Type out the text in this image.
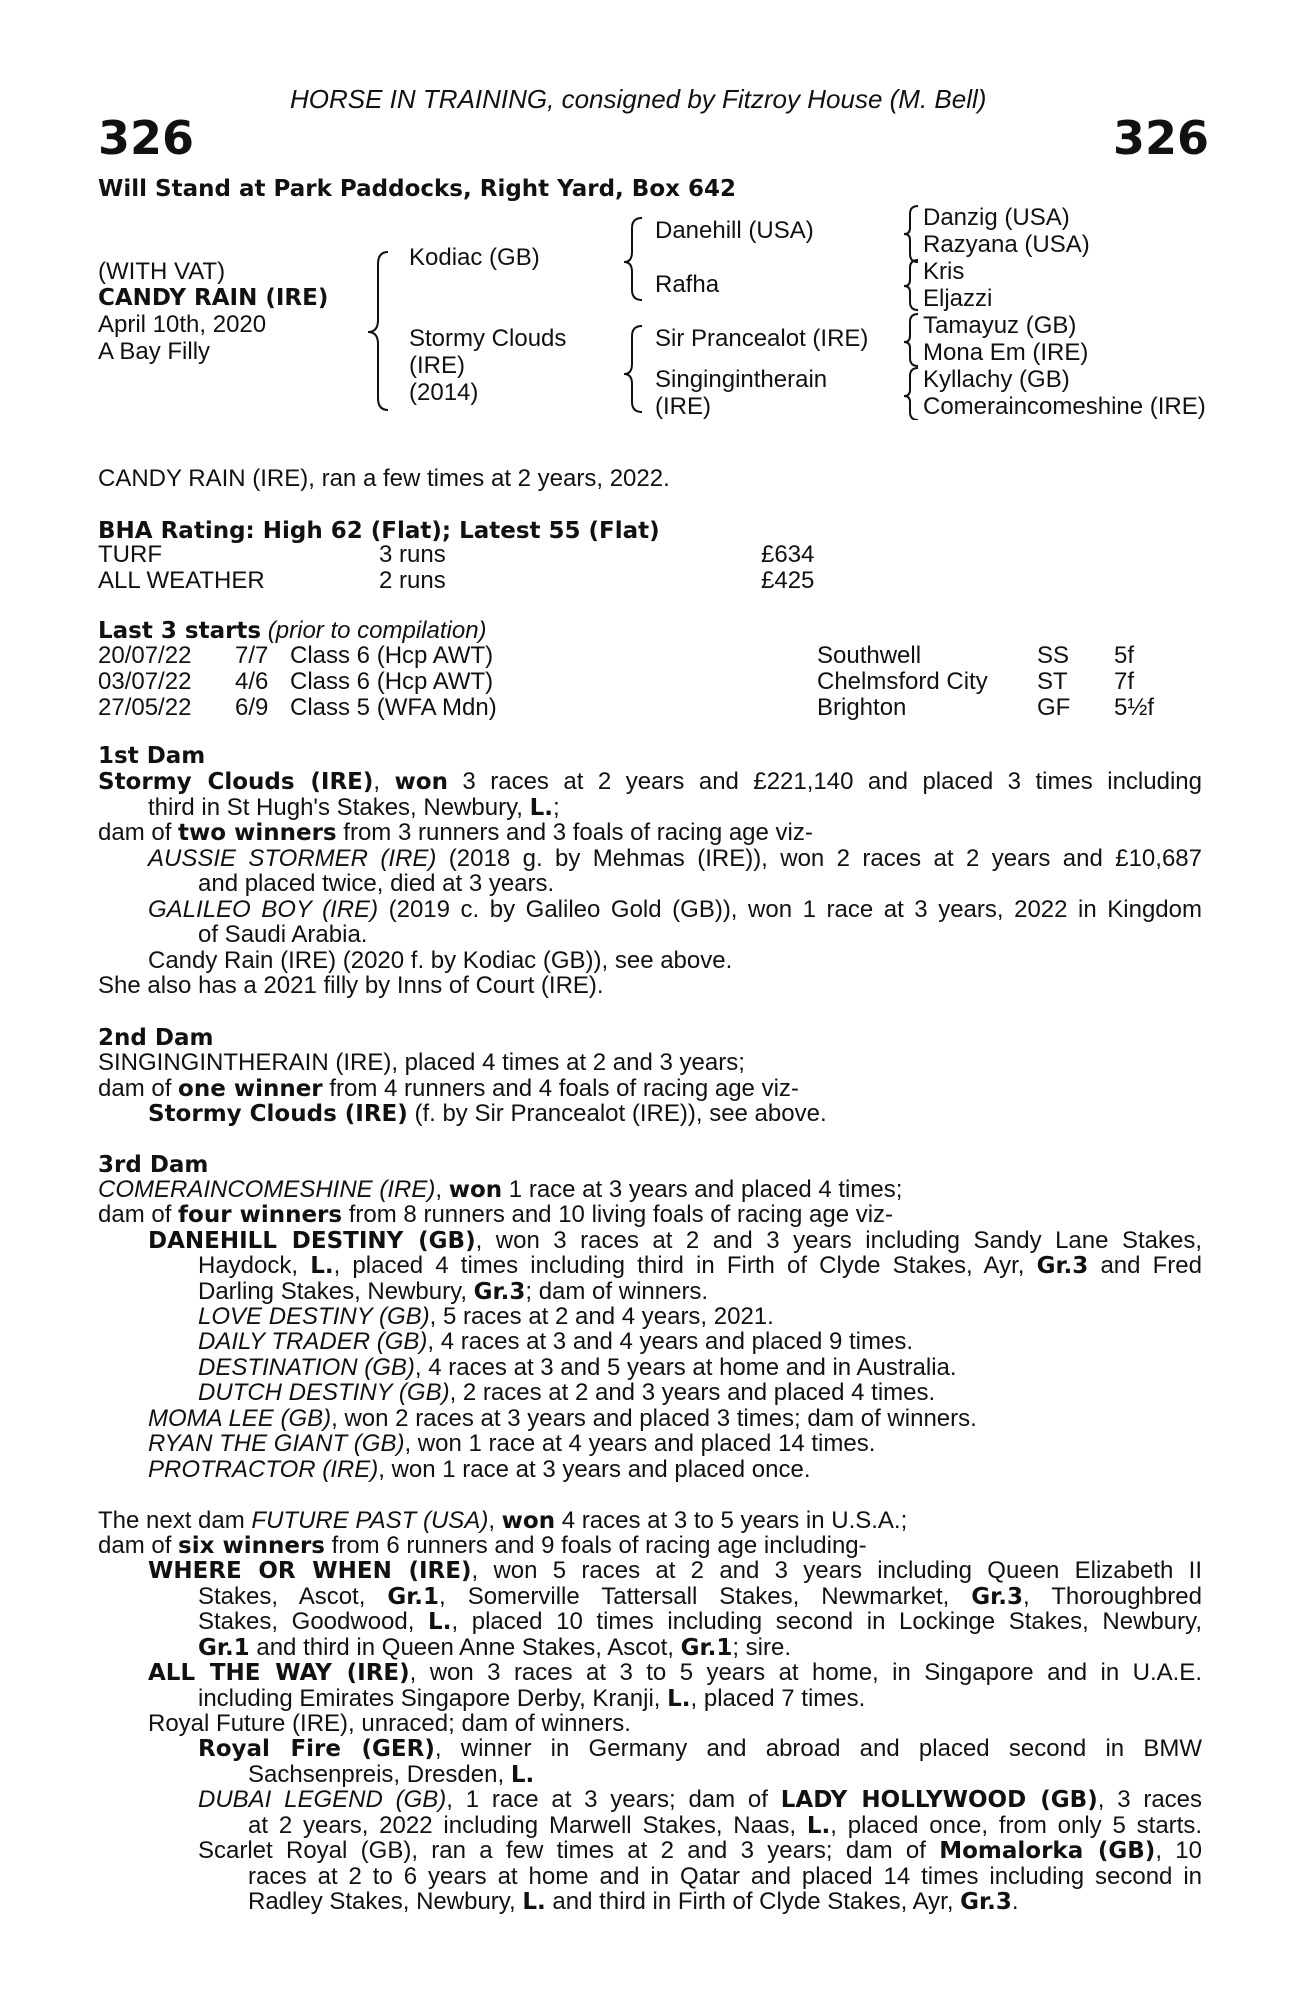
HORSE IN TRAINING, consigned by Fitzroy House (M. Bell)
326	326
Will Stand at Park Paddocks, Right Yard, Box 642
(WITH VAT)
CANDY RAIN (IRE)
April 10th, 2020
A Bay Filly
Kodiac (GB)
Stormy Clouds
(IRE)
(2014)
Danehill (USA)
Rafha
Sir Prancealot (IRE)
Singingintherain
(IRE)
Danzig (USA)
Razyana (USA)
Kris
Eljazzi
Tamayuz (GB)
Mona Em (IRE)
Kyllachy (GB)
Comeraincomeshine (IRE)
CANDY RAIN (IRE), ran a few times at 2 years, 2022.
BHA Rating: High 62 (Flat); Latest 55 (Flat)
TURF	3 runs	£634
ALL WEATHER	2 runs	£425
Last 3 starts (prior to compilation)
20/07/22 7/7 Class 6 (Hcp AWT)	Southwell	SS 5f
03/07/22 4/6 Class 6 (Hcp AWT)	Chelmsford City ST 7f
27/05/22 6/9 Class 5 (WFA Mdn)	Brighton	GF 5½f
1st Dam
Stormy Clouds (IRE), won 3 races at 2 years and £221,140 and placed 3 times including
third in St Hugh's Stakes, Newbury, L.;
dam of two winners from 3 runners and 3 foals of racing age viz-
AUSSIE STORMER (IRE) (2018 g. by Mehmas (IRE)), won 2 races at 2 years and £10,687
and placed twice, died at 3 years.
GALILEO BOY (IRE) (2019 c. by Galileo Gold (GB)), won 1 race at 3 years, 2022 in Kingdom
of Saudi Arabia.
Candy Rain (IRE) (2020 f. by Kodiac (GB)), see above.
She also has a 2021 filly by Inns of Court (IRE).
2nd Dam
SINGINGINTHERAIN (IRE), placed 4 times at 2 and 3 years;
dam of one winner from 4 runners and 4 foals of racing age viz-
Stormy Clouds (IRE) (f. by Sir Prancealot (IRE)), see above.
3rd Dam
COMERAINCOMESHINE (IRE), won 1 race at 3 years and placed 4 times;
dam of four winners from 8 runners and 10 living foals of racing age viz-
DANEHILL DESTINY (GB), won 3 races at 2 and 3 years including Sandy Lane Stakes,
Haydock, L., placed 4 times including third in Firth of Clyde Stakes, Ayr, Gr.3 and Fred
Darling Stakes, Newbury, Gr.3; dam of winners.
LOVE DESTINY (GB), 5 races at 2 and 4 years, 2021.
DAILY TRADER (GB), 4 races at 3 and 4 years and placed 9 times.
DESTINATION (GB), 4 races at 3 and 5 years at home and in Australia.
DUTCH DESTINY (GB), 2 races at 2 and 3 years and placed 4 times.
MOMA LEE (GB), won 2 races at 3 years and placed 3 times; dam of winners.
RYAN THE GIANT (GB), won 1 race at 4 years and placed 14 times.
PROTRACTOR (IRE), won 1 race at 3 years and placed once.
The next dam FUTURE PAST (USA), won 4 races at 3 to 5 years in U.S.A.;
dam of six winners from 6 runners and 9 foals of racing age including-
WHERE OR WHEN (IRE), won 5 races at 2 and 3 years including Queen Elizabeth II
Stakes, Ascot, Gr.1, Somerville Tattersall Stakes, Newmarket, Gr.3, Thoroughbred
Stakes, Goodwood, L., placed 10 times including second in Lockinge Stakes, Newbury,
Gr.1 and third in Queen Anne Stakes, Ascot, Gr.1; sire.
ALL THE WAY (IRE), won 3 races at 3 to 5 years at home, in Singapore and in U.A.E.
including Emirates Singapore Derby, Kranji, L., placed 7 times.
Royal Future (IRE), unraced; dam of winners.
Royal Fire (GER), winner in Germany and abroad and placed second in BMW
Sachsenpreis, Dresden, L.
DUBAI LEGEND (GB), 1 race at 3 years; dam of LADY HOLLYWOOD (GB), 3 races
at 2 years, 2022 including Marwell Stakes, Naas, L., placed once, from only 5 starts.
Scarlet Royal (GB), ran a few times at 2 and 3 years; dam of Momalorka (GB), 10
races at 2 to 6 years at home and in Qatar and placed 14 times including second in
Radley Stakes, Newbury, L. and third in Firth of Clyde Stakes, Ayr, Gr.3.
